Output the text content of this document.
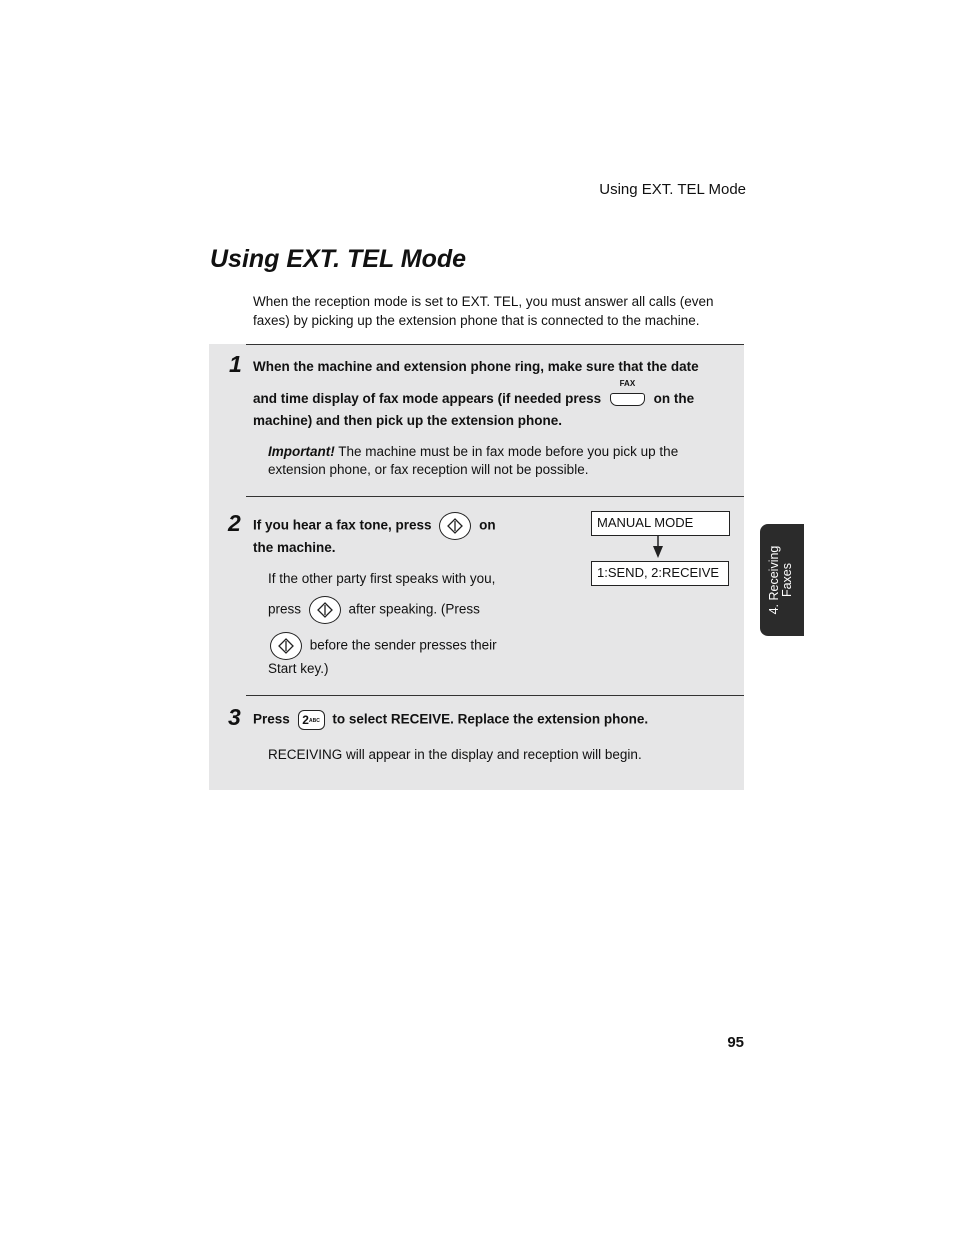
Using EXT. TEL Mode
Using EXT. TEL Mode
When the reception mode is set to EXT. TEL, you must answer all calls (even
faxes) by picking up the extension phone that is connected to the machine.
1 When the machine and extension phone ring, make sure that the date
and time display of fax mode appears (if needed press
FAX
on the
machine) and then pick up the extension phone.
Important! The machine must be in fax mode before you pick up the
extension phone, or fax reception will not be possible.
2 If you hear a fax tone, press	on
the machine.
If the other party first speaks with you,
press	after speaking. (Press
before the sender presses their
Start key.)
MANUAL MODE
1:SEND, 2:RECEIVE
3 Press 2ABC to select RECEIVE. Replace the extension phone.
RECEIVING will appear in the display and reception will begin.
4. Receiving Faxes
95
